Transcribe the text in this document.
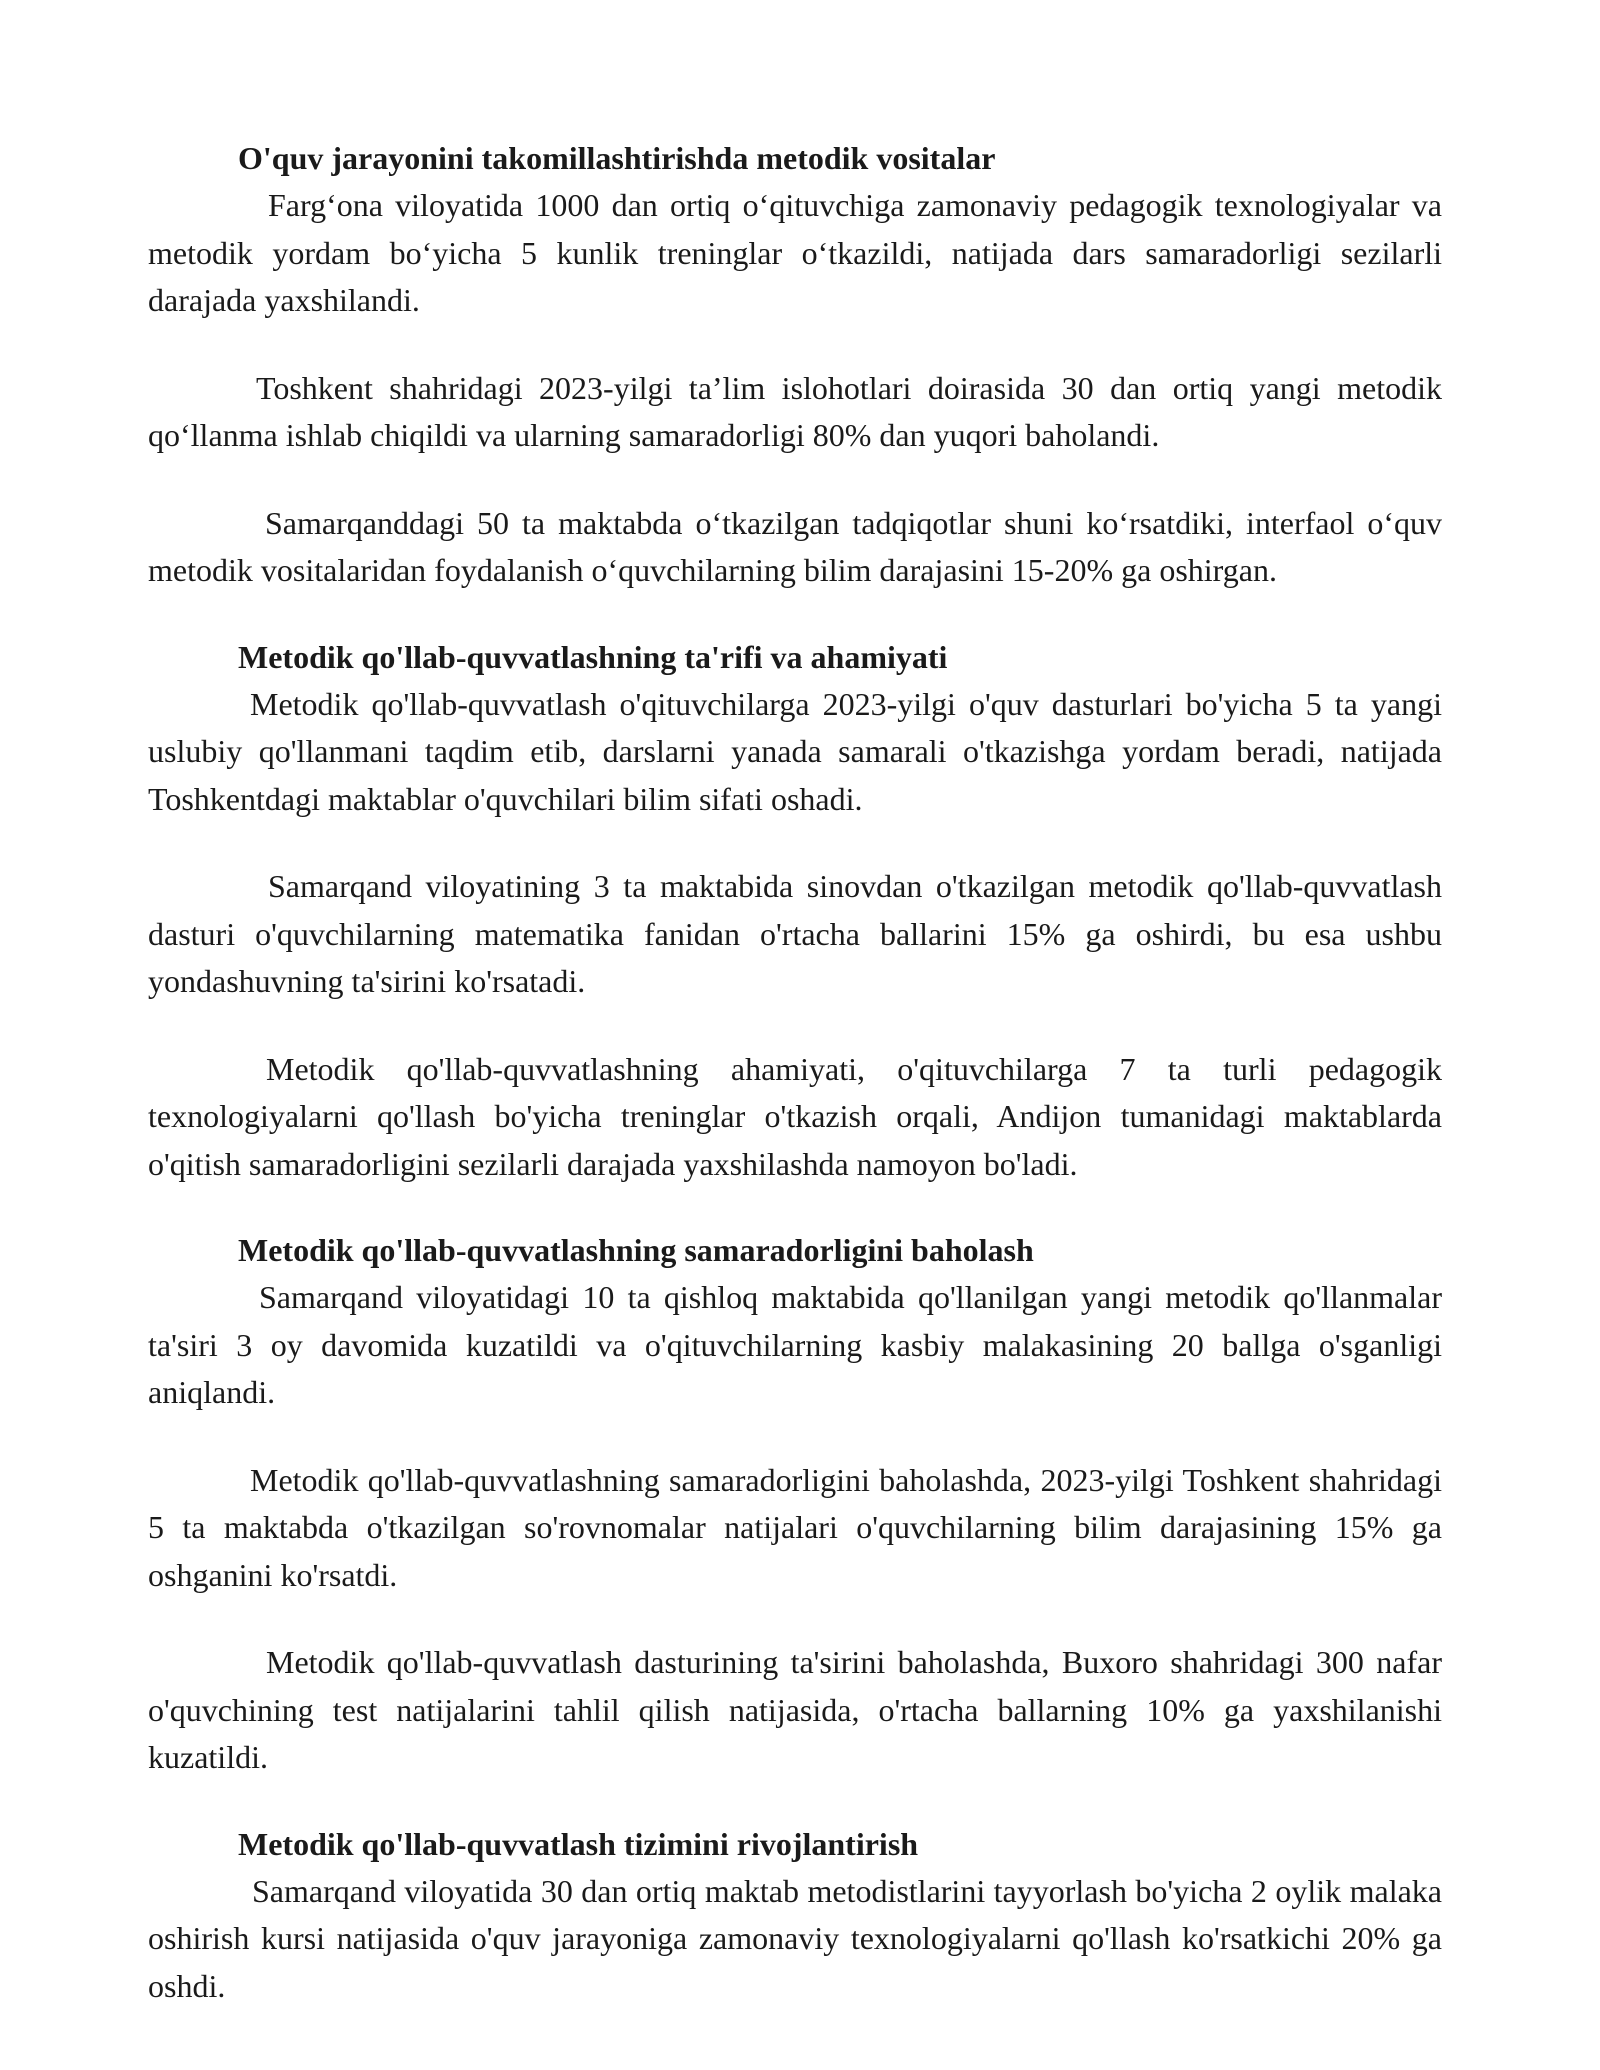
O'quv jarayonini takomillashtirishda metodik vositalar

Farg‘ona viloyatida 1000 dan ortiq o‘qituvchiga zamonaviy pedagogik texnologiyalar va metodik yordam bo‘yicha 5 kunlik treninglar o‘tkazildi, natijada dars samaradorligi sezilarli darajada yaxshilandi.

Toshkent shahridagi 2023-yilgi ta’lim islohotlari doirasida 30 dan ortiq yangi metodik qo‘llanma ishlab chiqildi va ularning samaradorligi 80% dan yuqori baholandi.

Samarqanddagi 50 ta maktabda o‘tkazilgan tadqiqotlar shuni ko‘rsatdiki, interfaol o‘quv metodik vositalaridan foydalanish o‘quvchilarning bilim darajasini 15-20% ga oshirgan.

Metodik qo'llab-quvvatlashning ta'rifi va ahamiyati

Metodik qo'llab-quvvatlash o'qituvchilarga 2023-yilgi o'quv dasturlari bo'yicha 5 ta yangi uslubiy qo'llanmani taqdim etib, darslarni yanada samarali o'tkazishga yordam beradi, natijada Toshkentdagi maktablar o'quvchilari bilim sifati oshadi.

Samarqand viloyatining 3 ta maktabida sinovdan o'tkazilgan metodik qo'llab-quvvatlash dasturi o'quvchilarning matematika fanidan o'rtacha ballarini 15% ga oshirdi, bu esa ushbu yondashuvning ta'sirini ko'rsatadi.

Metodik qo'llab-quvvatlashning ahamiyati, o'qituvchilarga 7 ta turli pedagogik texnologiyalarni qo'llash bo'yicha treninglar o'tkazish orqali, Andijon tumanidagi maktablarda o'qitish samaradorligini sezilarli darajada yaxshilashda namoyon bo'ladi.

Metodik qo'llab-quvvatlashning samaradorligini baholash

Samarqand viloyatidagi 10 ta qishloq maktabida qo'llanilgan yangi metodik qo'llanmalar ta'siri 3 oy davomida kuzatildi va o'qituvchilarning kasbiy malakasining 20 ballga o'sganligi aniqlandi.

Metodik qo'llab-quvvatlashning samaradorligini baholashda, 2023-yilgi Toshkent shahridagi 5 ta maktabda o'tkazilgan so'rovnomalar natijalari o'quvchilarning bilim darajasining 15% ga oshganini ko'rsatdi.

Metodik qo'llab-quvvatlash dasturining ta'sirini baholashda, Buxoro shahridagi 300 nafar o'quvchining test natijalarini tahlil qilish natijasida, o'rtacha ballarning 10% ga yaxshilanishi kuzatildi.

Metodik qo'llab-quvvatlash tizimini rivojlantirish

Samarqand viloyatida 30 dan ortiq maktab metodistlarini tayyorlash bo'yicha 2 oylik malaka oshirish kursi natijasida o'quv jarayoniga zamonaviy texnologiyalarni qo'llash ko'rsatkichi 20% ga oshdi.
